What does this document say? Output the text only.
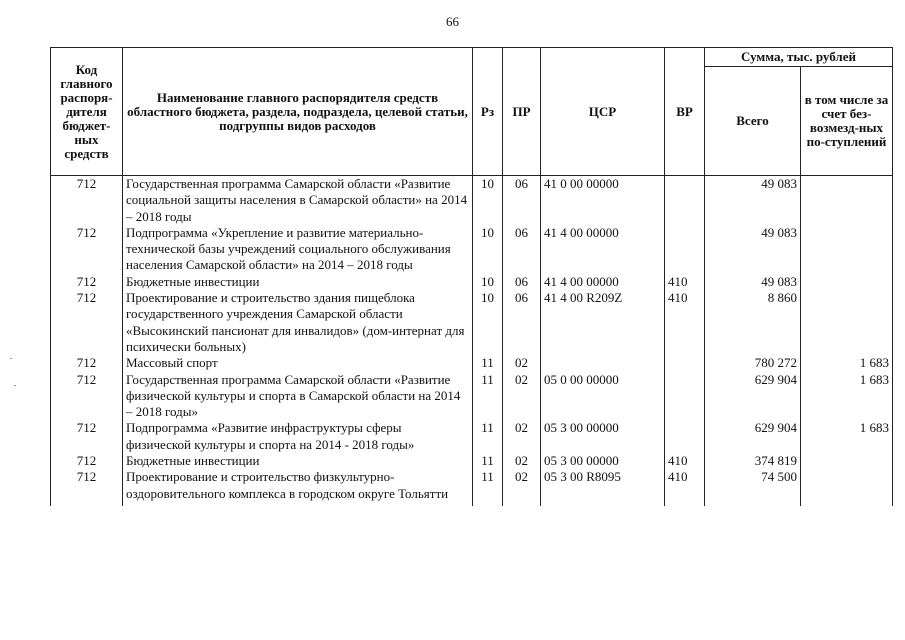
66
Код главного распоря-дителя бюджет-ных средств	Наименование главного распорядителя средств областного бюджета, раздела, подраздела, целевой статьи, подгруппы видов расходов	Рз	ПР	ЦСР	ВР	Сумма, тыс. рублей	
						Всего	в том числе за счет без-возмезд-ных по-ступлений
712	Государственная программа Самарской области «Развитие социальной защиты населения в Самарской области» на 2014 – 2018 годы	10	06	41 0 00 00000		49 083	
712	Подпрограмма «Укрепление и развитие материально-технической базы учреждений социального обслуживания населения Самарской области» на 2014 – 2018 годы	10	06	41 4 00 00000		49 083	
712	Бюджетные инвестиции	10	06	41 4 00 00000	410	49 083	
712	Проектирование и строительство здания пищеблока государственного учреждения Самарской области «Высокинский пансионат для инвалидов» (дом-интернат для психически больных)	10	06	41 4 00 R209Z	410	8 860	
712	Массовый спорт	11	02			780 272	1 683
712	Государственная программа Самарской области «Развитие физической культуры и спорта в Самарской области на 2014 – 2018 годы»	11	02	05 0 00 00000		629 904	1 683
712	Подпрограмма «Развитие инфраструктуры сферы физической культуры и спорта на 2014 - 2018 годы»	11	02	05 3 00 00000		629 904	1 683
712	Бюджетные инвестиции	11	02	05 3 00 00000	410	374 819	
712	Проектирование и строительство физкультурно-оздоровительного комплекса в городском округе Тольятти	11	02	05 3 00 R8095	410	74 500	
